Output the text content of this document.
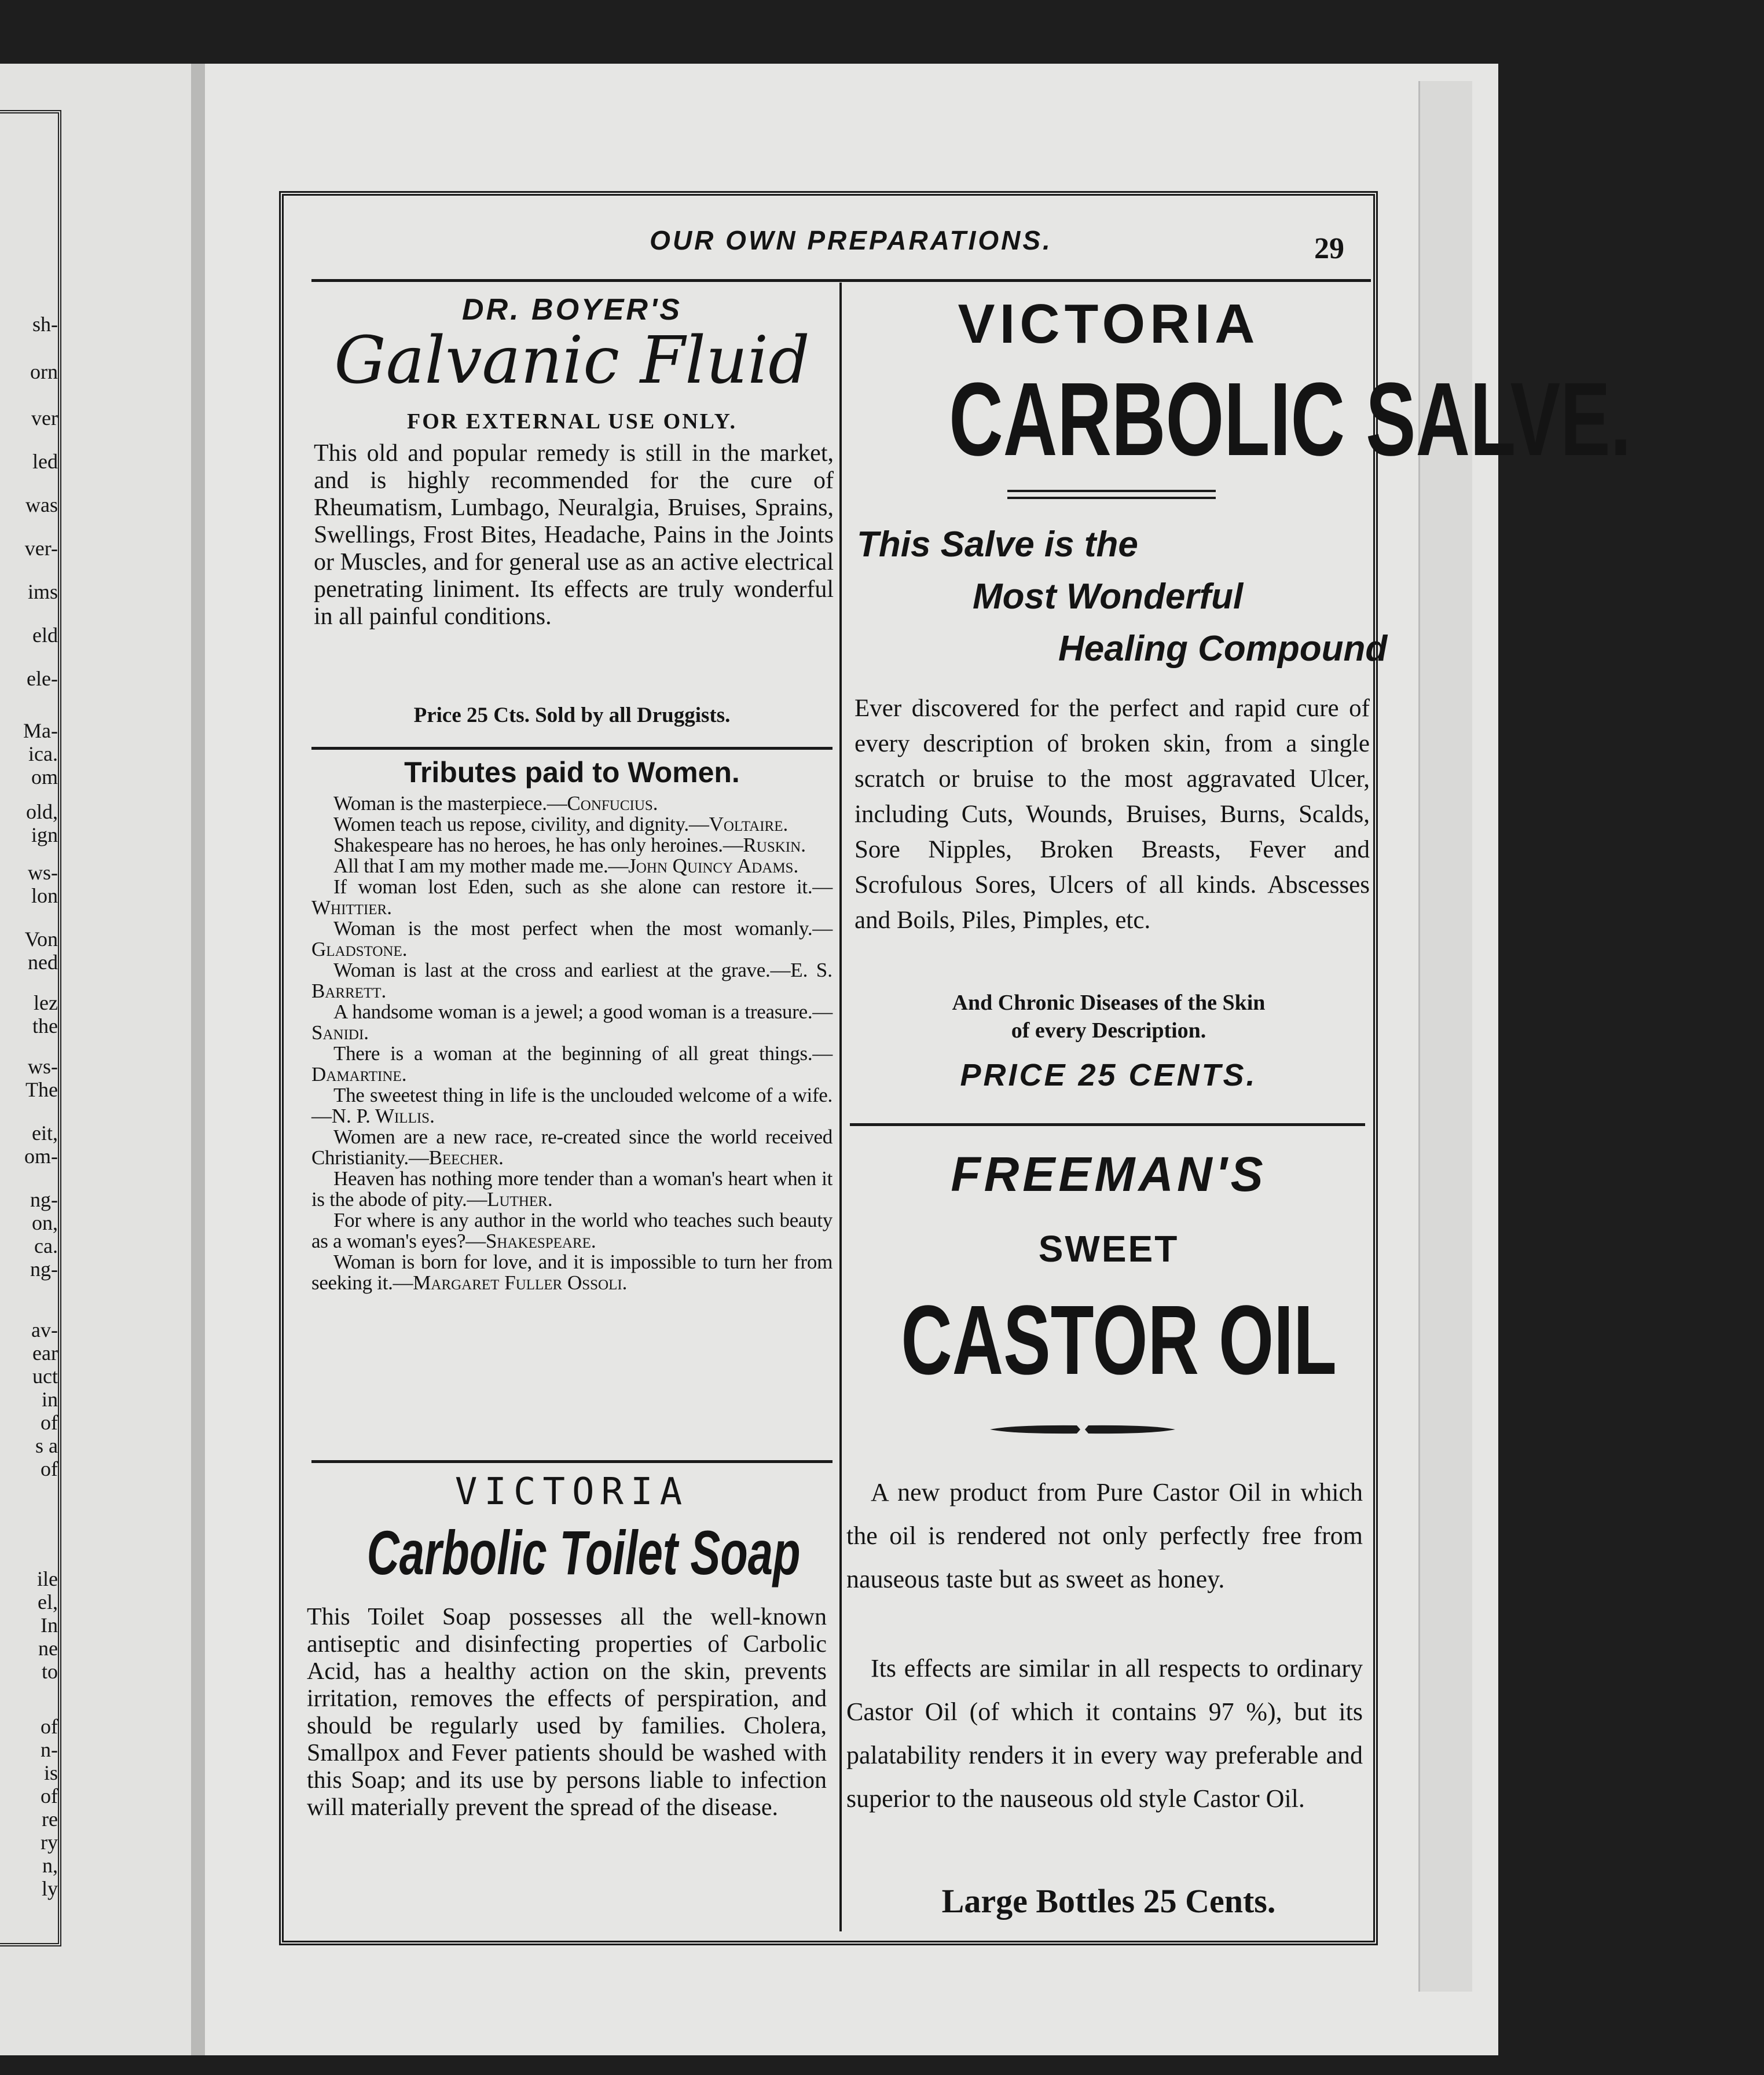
sh-
orn
ver
led
was
ver-
ims
eld
ele-
Ma-
ica.
om
old,
ign
ws-
lon
Von
ned
lez
the
ws-
The
eit,
om-
ng-
on,
ca.
ng-
av-
ear
uct
in
of
s a
of
ile
el,
In
ne
to
of
n-
is
of
re
ry
n,
ly
OUR OWN PREPARATIONS.	29
DR. BOYER'S
Galvanic Fluid
FOR EXTERNAL USE ONLY.
This old and popular remedy is still in the market, and is highly recommended for the cure of Rheumatism, Lumbago, Neuralgia, Bruises, Sprains, Swellings, Frost Bites, Headache, Pains in the Joints or Muscles, and for general use as an active electrical penetrating liniment. Its effects are truly wonderful in all painful conditions.
Price 25 Cts. Sold by all Druggists.
Tributes paid to Women.

Woman is the masterpiece.—Confucius.

Women teach us repose, civility, and dignity.—Voltaire.

Shakespeare has no heroes, he has only heroines.—Ruskin.

All that I am my mother made me.—John Quincy Adams.

If woman lost Eden, such as she alone can restore it.—Whittier.

Woman is the most perfect when the most womanly.—Gladstone.

Woman is last at the cross and earliest at the grave.—E. S. Barrett.

A handsome woman is a jewel; a good woman is a treasure.—Sanidi.

There is a woman at the beginning of all great things.—Damartine.

The sweetest thing in life is the unclouded welcome of a wife.—N. P. Willis.

Women are a new race, re-created since the world received Christianity.—Beecher.

Heaven has nothing more tender than a woman's heart when it is the abode of pity.—Luther.

For where is any author in the world who teaches such beauty as a woman's eyes?—Shakespeare.

Woman is born for love, and it is impossible to turn her from seeking it.—Margaret Fuller Ossoli.

VICTORIA
Carbolic Toilet Soap
This Toilet Soap possesses all the well-known antiseptic and disinfecting properties of Carbolic Acid, has a healthy action on the skin, prevents irritation, removes the effects of perspiration, and should be regularly used by families. Cholera, Smallpox and Fever patients should be washed with this Soap; and its use by persons liable to infection will materially prevent the spread of the disease.
VICTORIA
CARBOLIC SALVE.
This Salve is the
Most Wonderful
Healing Compound
Ever discovered for the perfect and rapid cure of every description of broken skin, from a single scratch or bruise to the most aggravated Ulcer, including Cuts, Wounds, Bruises, Burns, Scalds, Sore Nipples, Broken Breasts, Fever and Scrofulous Sores, Ulcers of all kinds. Abscesses and Boils, Piles, Pimples, etc.
And Chronic Diseases of the Skin
of every Description.
PRICE 25 CENTS.
FREEMAN'S
SWEET
CASTOR OIL
A new product from Pure Castor Oil in which the oil is rendered not only perfectly free from nauseous taste but as sweet as honey.
Its effects are similar in all respects to ordinary Castor Oil (of which it contains 97 %), but its palatability renders it in every way preferable and superior to the nauseous old style Castor Oil.
Large Bottles 25 Cents.
